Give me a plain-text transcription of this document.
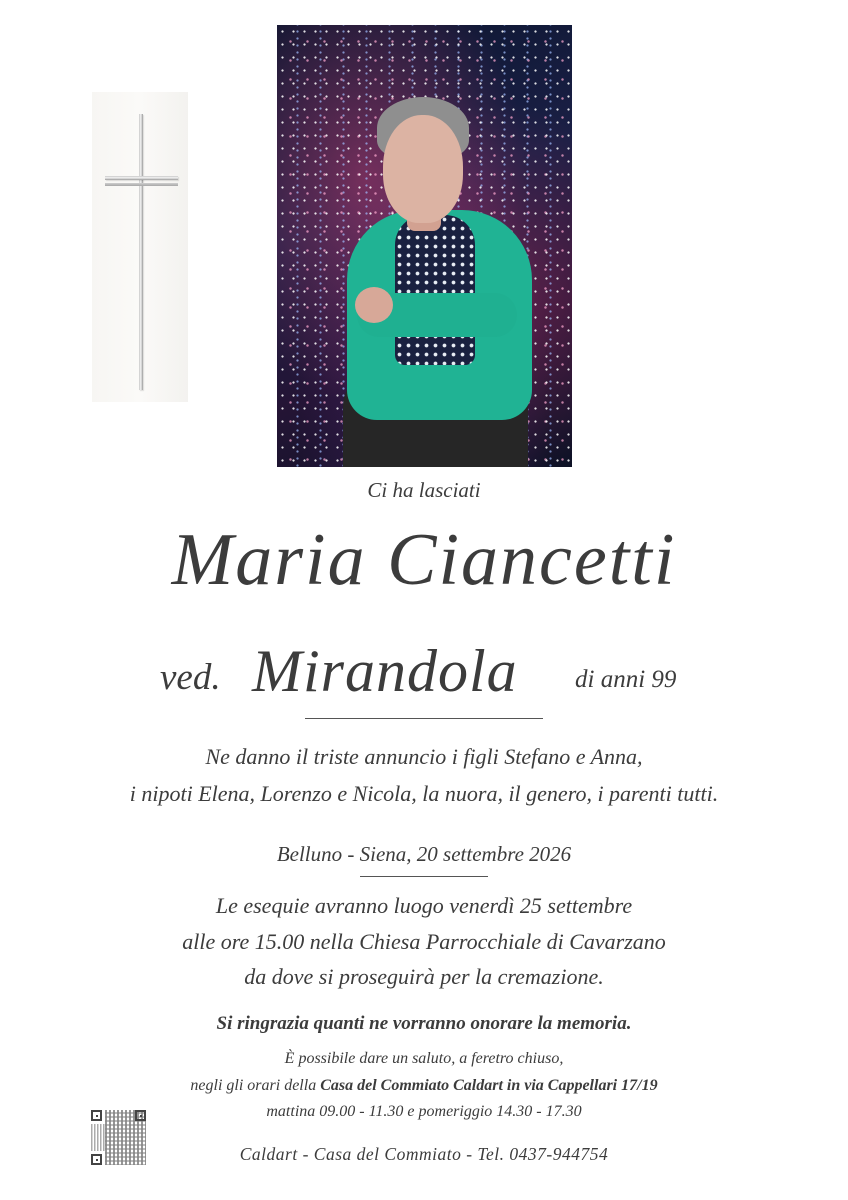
Ci ha lasciati
Maria Ciancetti
ved. Mirandola di anni 99
Ne danno il triste annuncio i figli Stefano e Anna,
i nipoti Elena, Lorenzo e Nicola, la nuora, il genero, i parenti tutti.
Belluno - Siena, 20 settembre 2026
Le esequie avranno luogo venerdì 25 settembre
alle ore 15.00 nella Chiesa Parrocchiale di Cavarzano
da dove si proseguirà per la cremazione.
Si ringrazia quanti ne vorranno onorare la memoria.
È possibile dare un saluto, a feretro chiuso,
negli gli orari della Casa del Commiato Caldart in via Cappellari 17/19
mattina 09.00 - 11.30 e pomeriggio 14.30 - 17.30
Caldart - Casa del Commiato - Tel. 0437-944754
